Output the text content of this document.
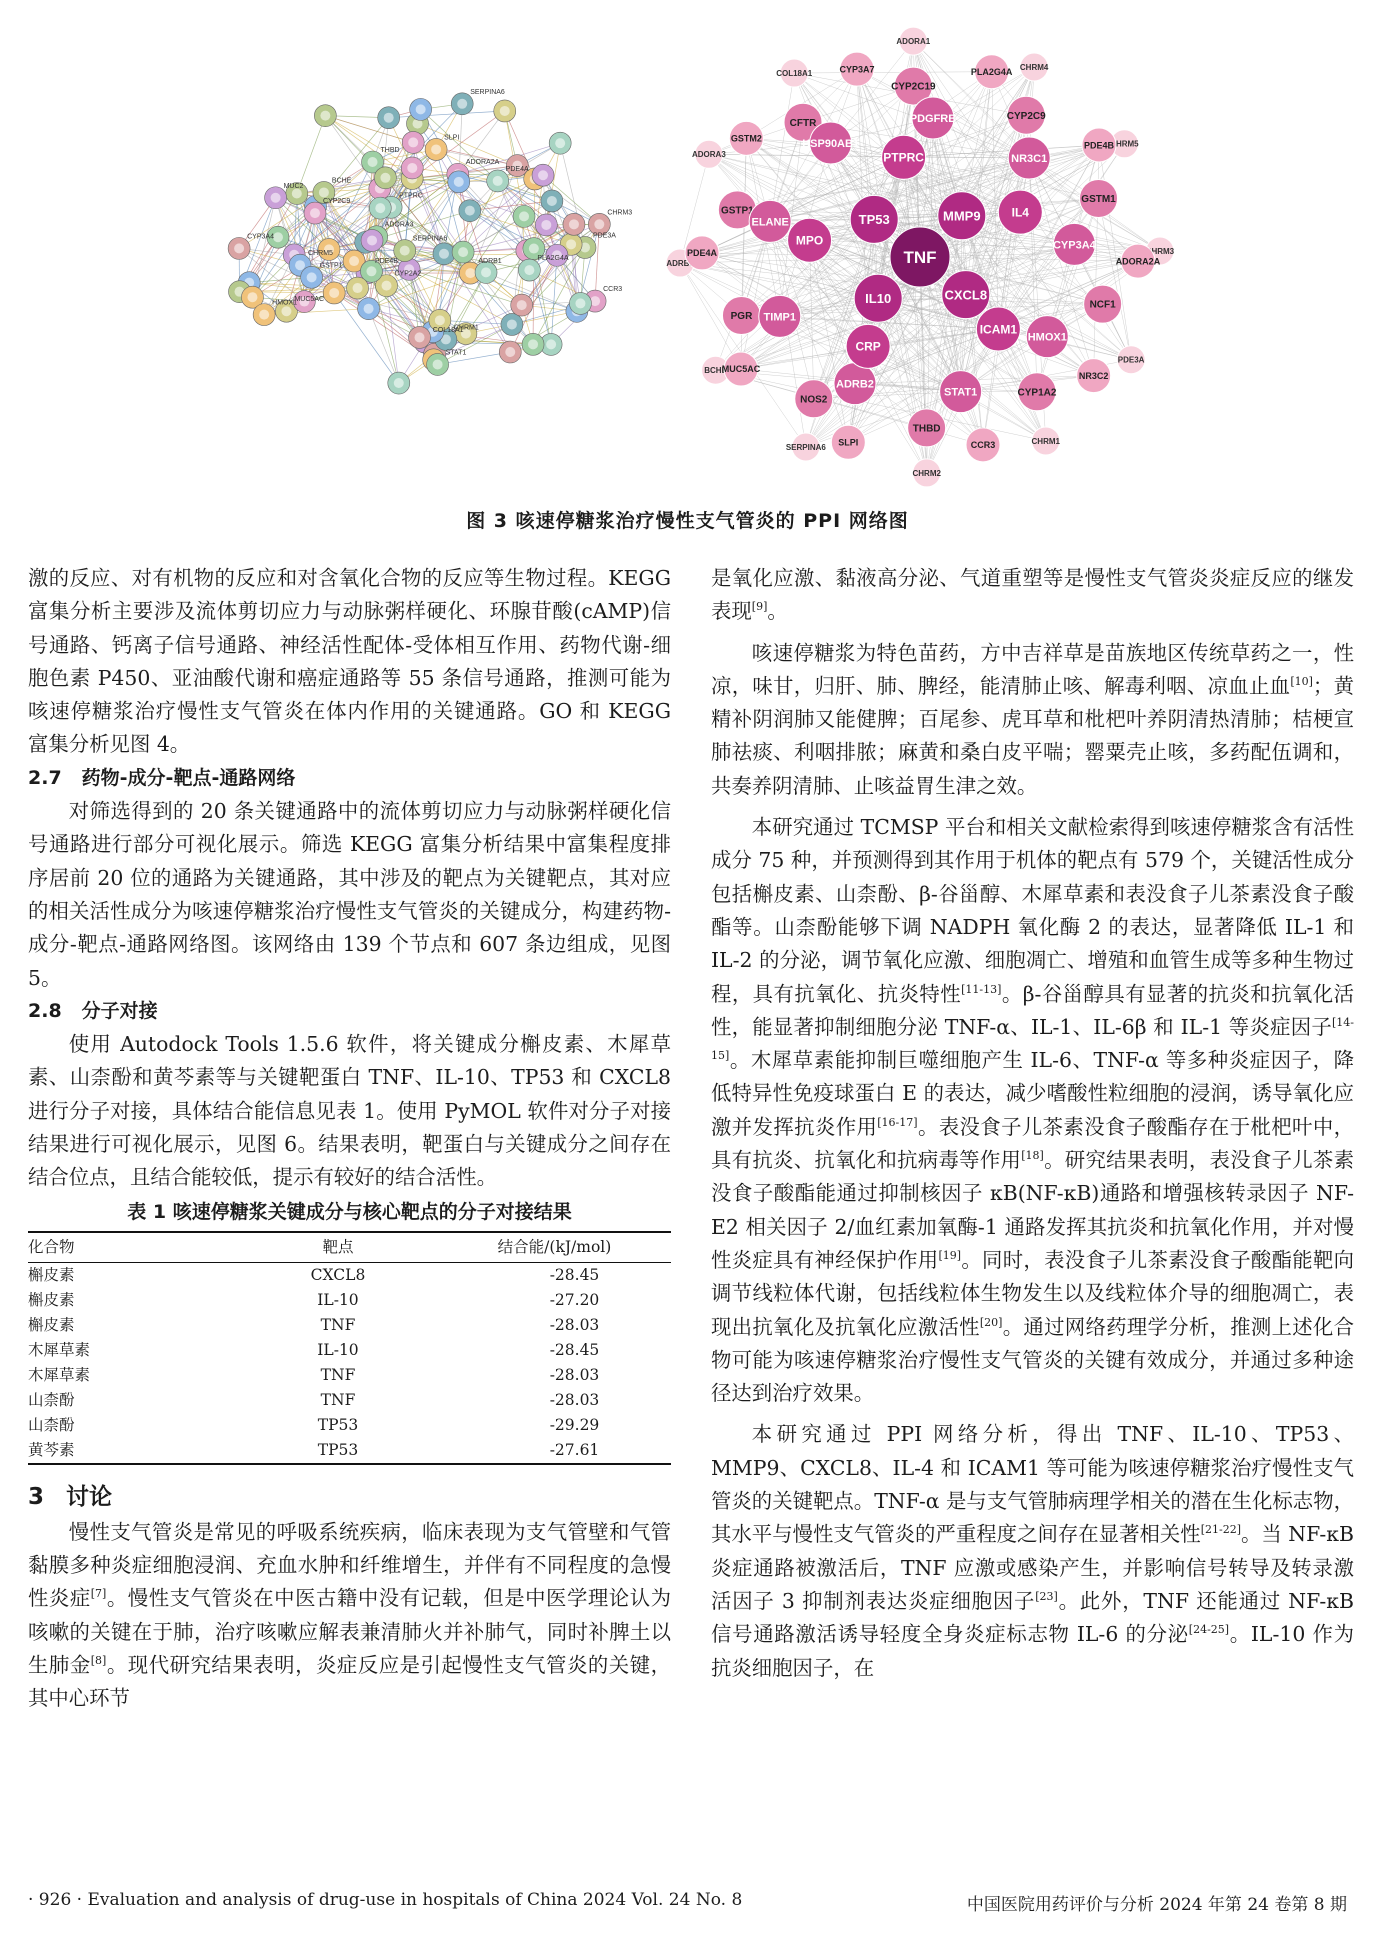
COL18A1
PTPRC
CCR3
THBD
SLPI
BCHE
MUC5AC
CHRM5
CHRM3
CHRM1
PDE4B
PDE4A
ADORA2A
ADORA3
ADRB1
PDE3A
CYP2A2
GSTP1
CYP3A4
SERPINA6
MUC2
PLA2G4A
CYP2C9
STAT1
HMOX1
SERPINA6
CHRM1
CHRM2
SERPINA6
BCHE
ADRB1
ADORA3
COL18A1
ADORA1
CHRM4
CHRM5
CHRM3
PDE3A
NR3C2
CCR3
SLPI
MUC5AC
PDE4A
GSTM2
CYP3A7	PLA2G4A
PDE4B
ADORA2A
NCF1
CYP1A2
THBD
NOS2
PGR
GSTP1
CFTR
CYP2C19
CYP2C9
GSTM1
CYP3A4
HMOX1
STAT1
ADRB2
TIMP1
ELANE
HSP90AB1
PDGFRB
NR3C1
IL4
ICAM1
CRP
MPO
PTPRC
MMP9
CXCL8
IL10
TP53
TNF
图 3 咳速停糖浆治疗慢性支气管炎的 PPI 网络图

激的反应、对有机物的反应和对含氧化合物的反应等生物过程。KEGG 富集分析主要涉及流体剪切应力与动脉粥样硬化、环腺苷酸(cAMP)信号通路、钙离子信号通路、神经活性配体-受体相互作用、药物代谢-细胞色素 P450、亚油酸代谢和癌症通路等 55 条信号通路，推测可能为咳速停糖浆治疗慢性支气管炎在体内作用的关键通路。GO 和 KEGG 富集分析见图 4。

2.7 药物-成分-靶点-通路网络

对筛选得到的 20 条关键通路中的流体剪切应力与动脉粥样硬化信号通路进行部分可视化展示。筛选 KEGG 富集分析结果中富集程度排序居前 20 位的通路为关键通路，其中涉及的靶点为关键靶点，其对应的相关活性成分为咳速停糖浆治疗慢性支气管炎的关键成分，构建药物-成分-靶点-通路网络图。该网络由 139 个节点和 607 条边组成，见图 5。

2.8 分子对接

使用 Autodock Tools 1.5.6 软件，将关键成分槲皮素、木犀草素、山柰酚和黄芩素等与关键靶蛋白 TNF、IL-10、TP53 和 CXCL8 进行分子对接，具体结合能信息见表 1。使用 PyMOL 软件对分子对接结果进行可视化展示，见图 6。结果表明，靶蛋白与关键成分之间存在结合位点，且结合能较低，提示有较好的结合活性。

表 1 咳速停糖浆关键成分与核心靶点的分子对接结果
化合物	靶点	结合能/(kJ/mol)
槲皮素	CXCL8	-28.45
槲皮素	IL-10	-27.20
槲皮素	TNF	-28.03
木犀草素	IL-10	-28.45
木犀草素	TNF	-28.03
山柰酚	TNF	-28.03
山柰酚	TP53	-29.29
黄芩素	TP53	-27.61
3 讨论

慢性支气管炎是常见的呼吸系统疾病，临床表现为支气管壁和气管黏膜多种炎症细胞浸润、充血水肿和纤维增生，并伴有不同程度的急慢性炎症[7]。慢性支气管炎在中医古籍中没有记载，但是中医学理论认为咳嗽的关键在于肺，治疗咳嗽应解表兼清肺火并补肺气，同时补脾土以生肺金[8]。现代研究结果表明，炎症反应是引起慢性支气管炎的关键，其中心环节

是氧化应激、黏液高分泌、气道重塑等是慢性支气管炎炎症反应的继发表现[9]。

咳速停糖浆为特色苗药，方中吉祥草是苗族地区传统草药之一，性凉，味甘，归肝、肺、脾经，能清肺止咳、解毒利咽、凉血止血[10]；黄精补阴润肺又能健脾；百尾参、虎耳草和枇杷叶养阴清热清肺；桔梗宣肺祛痰、利咽排脓；麻黄和桑白皮平喘；罂粟壳止咳，多药配伍调和，共奏养阴清肺、止咳益胃生津之效。

本研究通过 TCMSP 平台和相关文献检索得到咳速停糖浆含有活性成分 75 种，并预测得到其作用于机体的靶点有 579 个，关键活性成分包括槲皮素、山柰酚、β-谷甾醇、木犀草素和表没食子儿茶素没食子酸酯等。山柰酚能够下调 NADPH 氧化酶 2 的表达，显著降低 IL-1 和 IL-2 的分泌，调节氧化应激、细胞凋亡、增殖和血管生成等多种生物过程，具有抗氧化、抗炎特性[11-13]。β-谷甾醇具有显著的抗炎和抗氧化活性，能显著抑制细胞分泌 TNF-α、IL-1、IL-6β 和 IL-1 等炎症因子[14-15]。木犀草素能抑制巨噬细胞产生 IL-6、TNF-α 等多种炎症因子，降低特异性免疫球蛋白 E 的表达，减少嗜酸性粒细胞的浸润，诱导氧化应激并发挥抗炎作用[16-17]。表没食子儿茶素没食子酸酯存在于枇杷叶中，具有抗炎、抗氧化和抗病毒等作用[18]。研究结果表明，表没食子儿茶素没食子酸酯能通过抑制核因子 κB(NF-κB)通路和增强核转录因子 NF-E2 相关因子 2/血红素加氧酶-1 通路发挥其抗炎和抗氧化作用，并对慢性炎症具有神经保护作用[19]。同时，表没食子儿茶素没食子酸酯能靶向调节线粒体代谢，包括线粒体生物发生以及线粒体介导的细胞凋亡，表现出抗氧化及抗氧化应激活性[20]。通过网络药理学分析，推测上述化合物可能为咳速停糖浆治疗慢性支气管炎的关键有效成分，并通过多种途径达到治疗效果。

本研究通过 PPI 网络分析，得出 TNF、IL-10、TP53、MMP9、CXCL8、IL-4 和 ICAM1 等可能为咳速停糖浆治疗慢性支气管炎的关键靶点。TNF-α 是与支气管肺病理学相关的潜在生化标志物，其水平与慢性支气管炎的严重程度之间存在显著相关性[21-22]。当 NF-κB 炎症通路被激活后，TNF 应激或感染产生，并影响信号转导及转录激活因子 3 抑制剂表达炎症细胞因子[23]。此外，TNF 还能通过 NF-κB 信号通路激活诱导轻度全身炎症标志物 IL-6 的分泌[24-25]。IL-10 作为抗炎细胞因子，在

· 926 · Evaluation and analysis of drug-use in hospitals of China 2024 Vol. 24 No. 8	中国医院用药评价与分析 2024 年第 24 卷第 8 期
